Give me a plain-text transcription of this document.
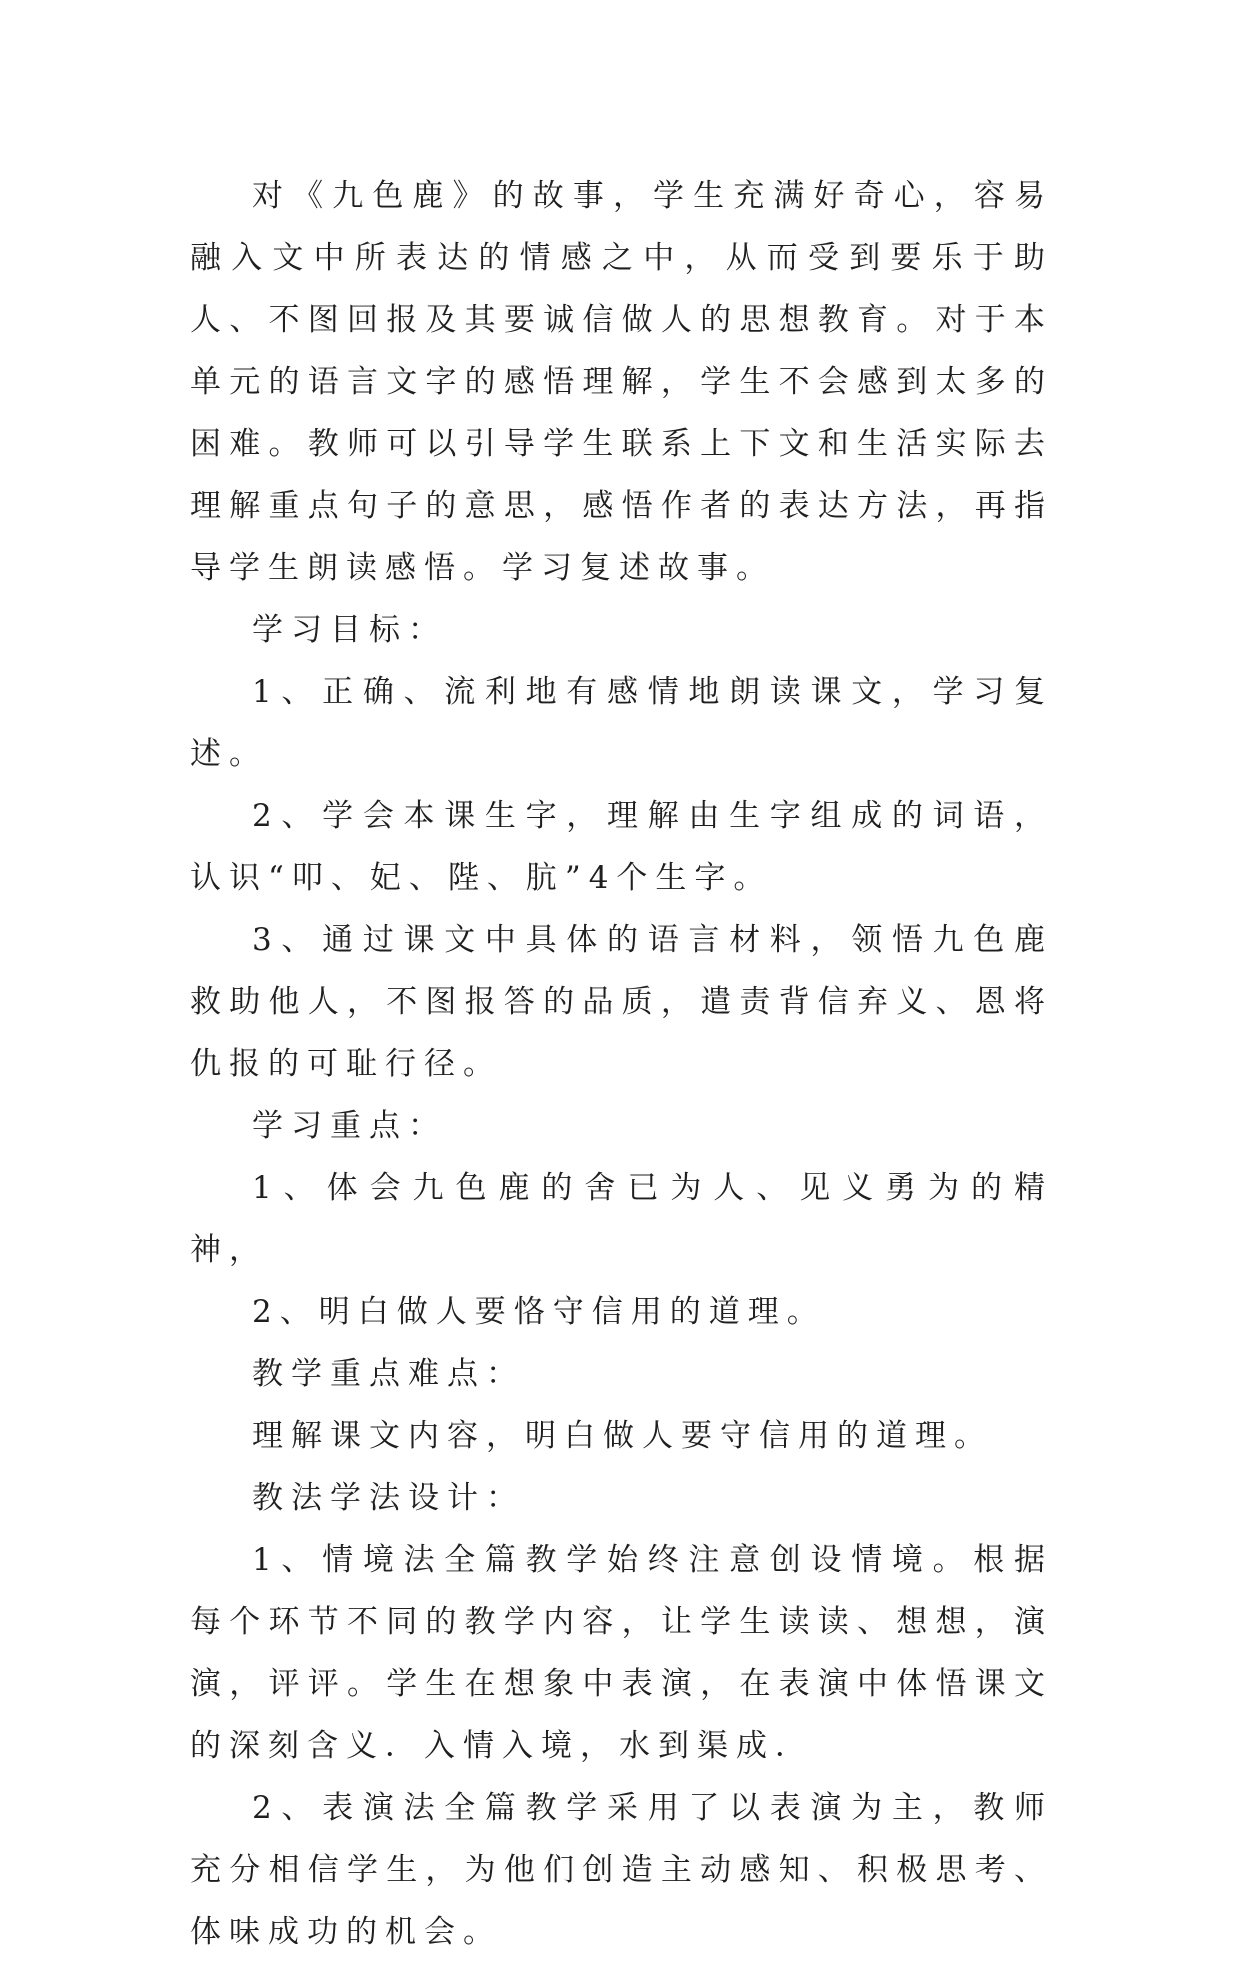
对《九色鹿》的故事，学生充满好奇心，容易融入文中所表达的情感之中，从而受到要乐于助人、不图回报及其要诚信做人的思想教育。对于本单元的语言文字的感悟理解，学生不会感到太多的困难。教师可以引导学生联系上下文和生活实际去理解重点句子的意思，感悟作者的表达方法，再指导学生朗读感悟。学习复述故事。

学习目标：

1、正确、流利地有感情地朗读课文，学习复述。

2、学会本课生字，理解由生字组成的词语，认识“叩、妃、陛、肮”4个生字。

3、通过课文中具体的语言材料，领悟九色鹿救助他人，不图报答的品质，遣责背信弃义、恩将仇报的可耻行径。

学习重点：

1、体会九色鹿的舍已为人、见义勇为的精神，

2、明白做人要恪守信用的道理。

教学重点难点：

理解课文内容，明白做人要守信用的道理。

教法学法设计：

1、情境法全篇教学始终注意创设情境。根据每个环节不同的教学内容，让学生读读、想想，演演，评评。学生在想象中表演，在表演中体悟课文的深刻含义．入情入境，水到渠成．

2、表演法全篇教学采用了以表演为主，教师充分相信学生，为他们创造主动感知、积极思考、体味成功的机会。
